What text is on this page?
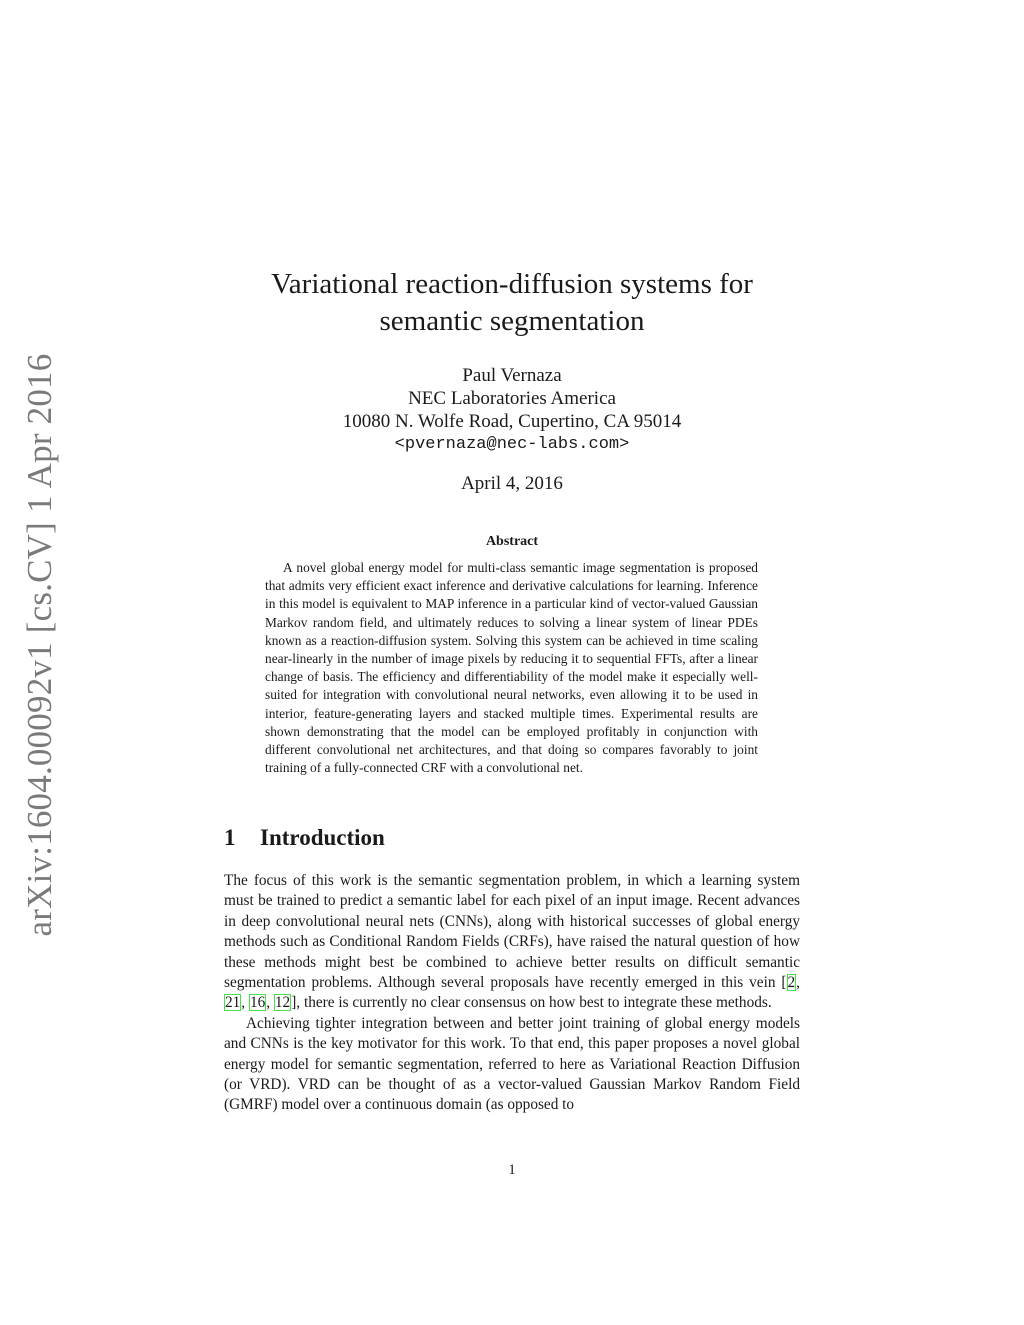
arXiv:1604.00092v1 [cs.CV] 1 Apr 2016
Variational reaction-diffusion systems for
semantic segmentation
Paul Vernaza
NEC Laboratories America
10080 N. Wolfe Road, Cupertino, CA 95014
<pvernaza@nec-labs.com>
April 4, 2016
Abstract

A novel global energy model for multi-class semantic image segmentation is proposed that admits very efficient exact inference and derivative calculations for learning. Inference in this model is equivalent to MAP inference in a particular kind of vector-valued Gaussian Markov random field, and ultimately reduces to solving a linear system of linear PDEs known as a reaction-diffusion system. Solving this system can be achieved in time scaling near-linearly in the number of image pixels by reducing it to sequential FFTs, after a linear change of basis. The efficiency and differentiability of the model make it especially well-suited for integration with convolutional neural networks, even allowing it to be used in interior, feature-generating layers and stacked multiple times. Experimental results are shown demonstrating that the model can be employed profitably in conjunction with different convolutional net architectures, and that doing so compares favorably to joint training of a fully-connected CRF with a convolutional net.

1 Introduction

The focus of this work is the semantic segmentation problem, in which a learning system must be trained to predict a semantic label for each pixel of an input image. Recent advances in deep convolutional neural nets (CNNs), along with historical successes of global energy methods such as Conditional Random Fields (CRFs), have raised the natural question of how these methods might best be combined to achieve better results on difficult semantic segmentation problems. Although several proposals have recently emerged in this vein [2, 21, 16, 12], there is currently no clear consensus on how best to integrate these methods.

Achieving tighter integration between and better joint training of global energy models and CNNs is the key motivator for this work. To that end, this paper proposes a novel global energy model for semantic segmentation, referred to here as Variational Reaction Diffusion (or VRD). VRD can be thought of as a vector-valued Gaussian Markov Random Field (GMRF) model over a continuous domain (as opposed to

1
